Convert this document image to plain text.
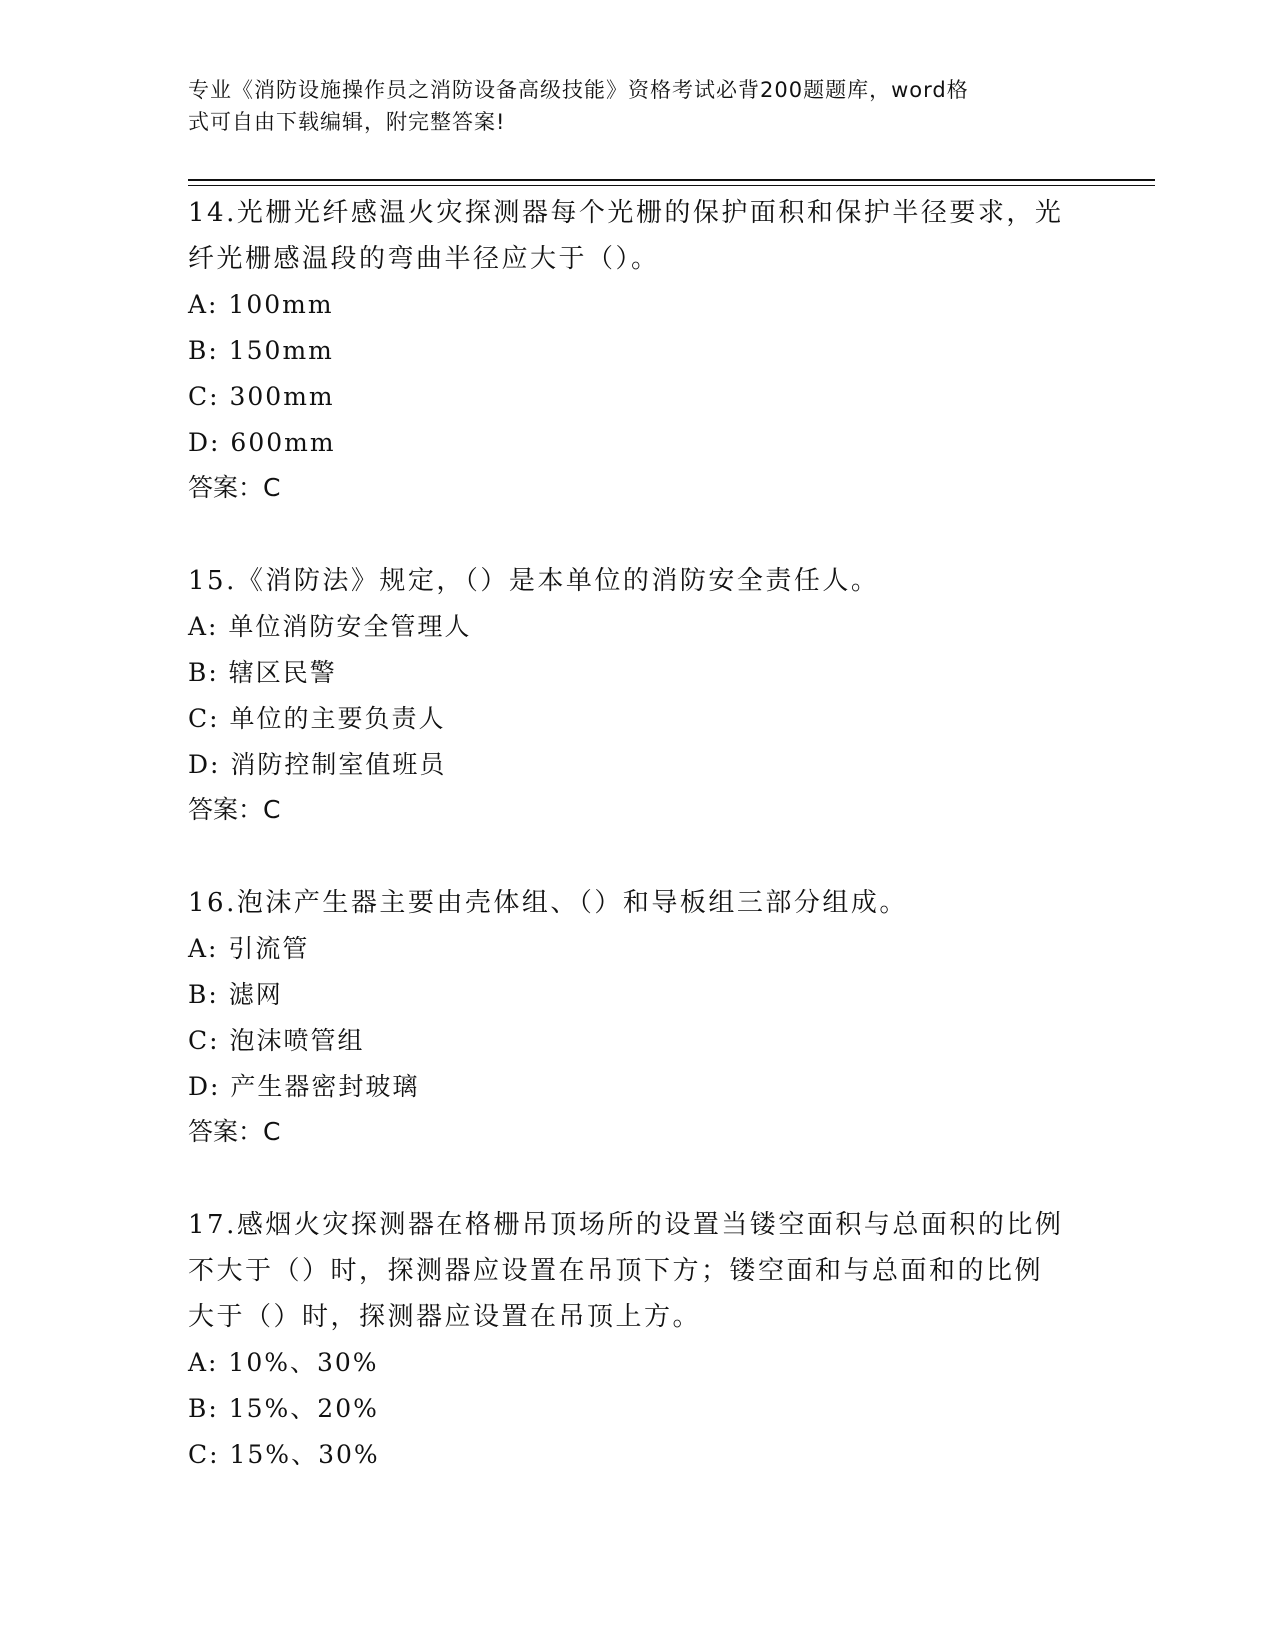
专业《消防设施操作员之消防设备高级技能》资格考试必背200题题库，word格
式可自由下载编辑，附完整答案!

14.光栅光纤感温火灾探测器每个光栅的保护面积和保护半径要求，光
纤光栅感温段的弯曲半径应大于（）。

A: 100mm

B: 150mm

C: 300mm

D: 600mm

答案：C

15.《消防法》规定，（）是本单位的消防安全责任人。

A: 单位消防安全管理人

B: 辖区民警

C: 单位的主要负责人

D: 消防控制室值班员

答案：C

16.泡沫产生器主要由壳体组、（）和导板组三部分组成。

A: 引流管

B: 滤网

C: 泡沫喷管组

D: 产生器密封玻璃

答案：C

17.感烟火灾探测器在格栅吊顶场所的设置当镂空面积与总面积的比例
不大于（）时，探测器应设置在吊顶下方；镂空面和与总面和的比例
大于（）时，探测器应设置在吊顶上方。

A: 10%、30%

B: 15%、20%

C: 15%、30%
